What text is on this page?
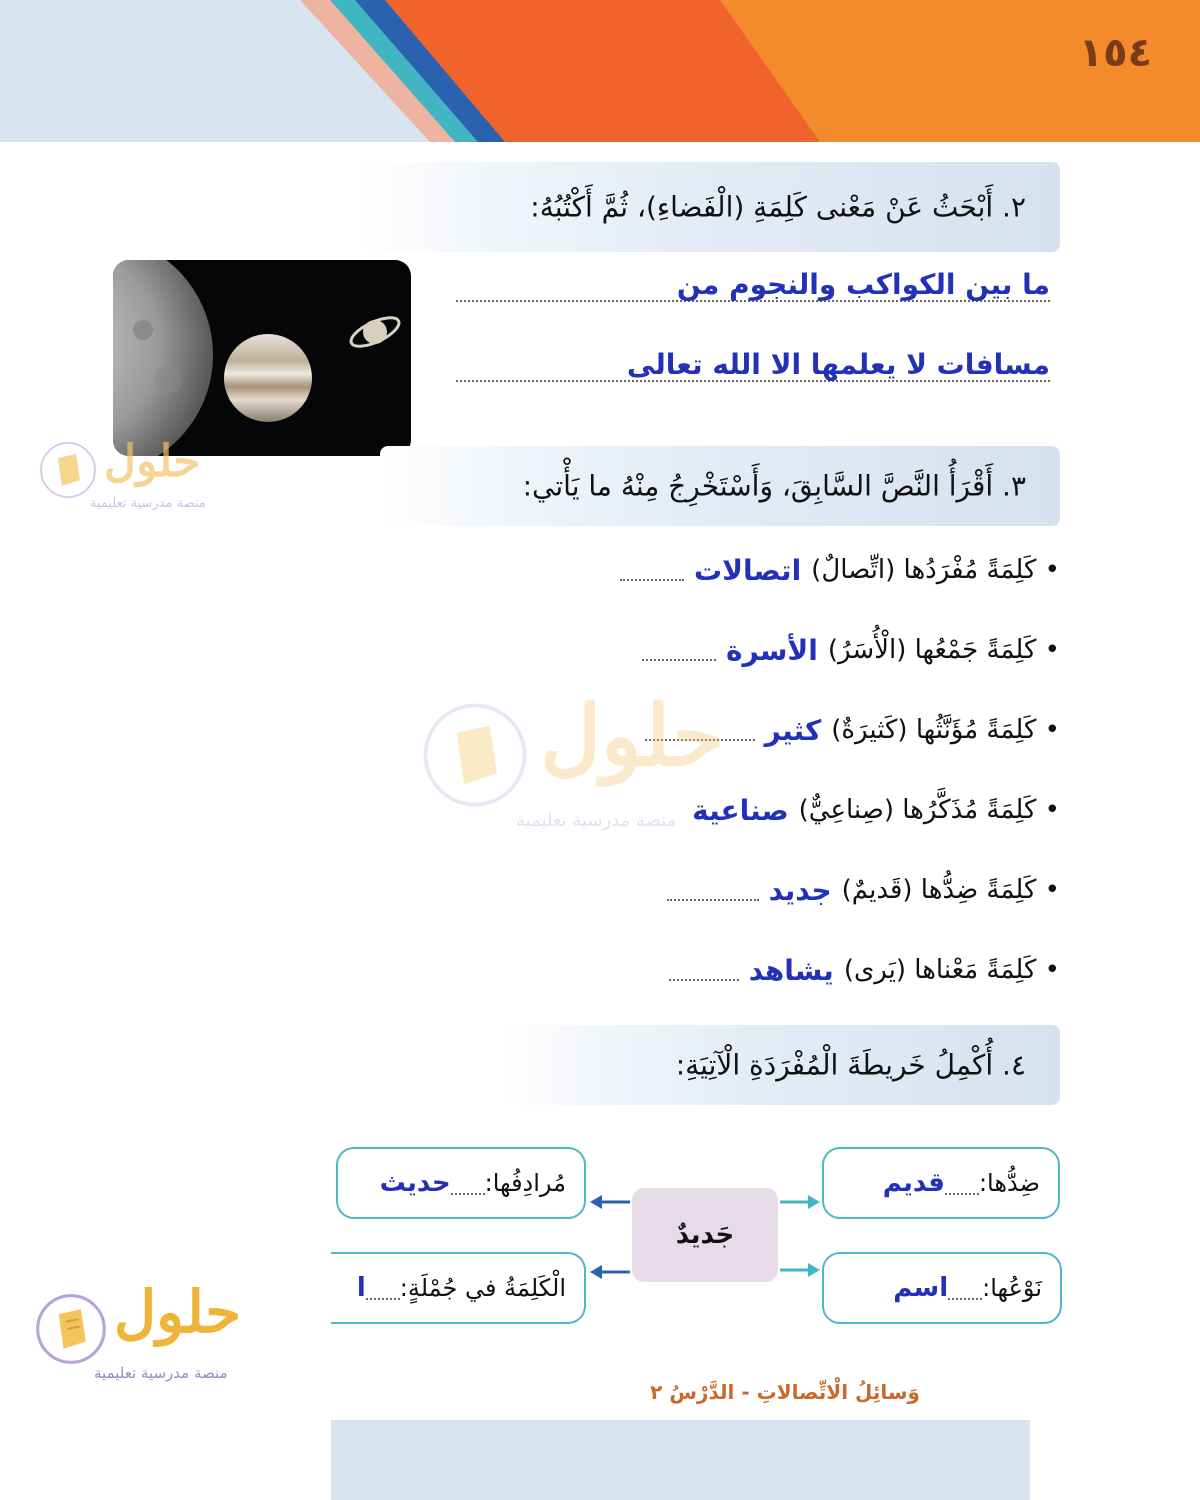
١٥٤
٢. أَبْحَثُ عَنْ مَعْنى كَلِمَةِ (الْفَضاءِ)، ثُمَّ أَكْتُبُهُ:
ما بين الكواكب والنجوم من
مسافات لا يعلمها الا الله تعالى
٣. أَقْرَأُ النَّصَّ السَّابِقَ، وَأَسْتَخْرِجُ مِنْهُ ما يَأْتي:
• كَلِمَةً مُفْرَدُها (اتِّصالٌ)
اتصالات
• كَلِمَةً جَمْعُها (الْأُسَرُ)
الأسرة
• كَلِمَةً مُؤَنَّثُها (كَثيرَةٌ)
كثير
• كَلِمَةً مُذَكَّرُها (صِناعِيٌّ)
صناعية
• كَلِمَةً ضِدُّها (قَديمٌ)
جديد
• كَلِمَةً مَعْناها (يَرى)
يشاهد
٤. أُكْمِلُ خَريطَةَ الْمُفْرَدَةِ الْآتِيَةِ:
ضِدُّها:
قديم
مُرادِفُها:
حديث
نَوْعُها:
اسم
الْكَلِمَةُ في جُمْلَةٍ:
ا
جَديدٌ
وَسائِلُ الْاتِّصالاتِ - الدَّرْسُ ٢
حلول
منصة مدرسية تعليمية
حلول
منصة مدرسية تعليمية
حلول
منصة مدرسية تعليمية
